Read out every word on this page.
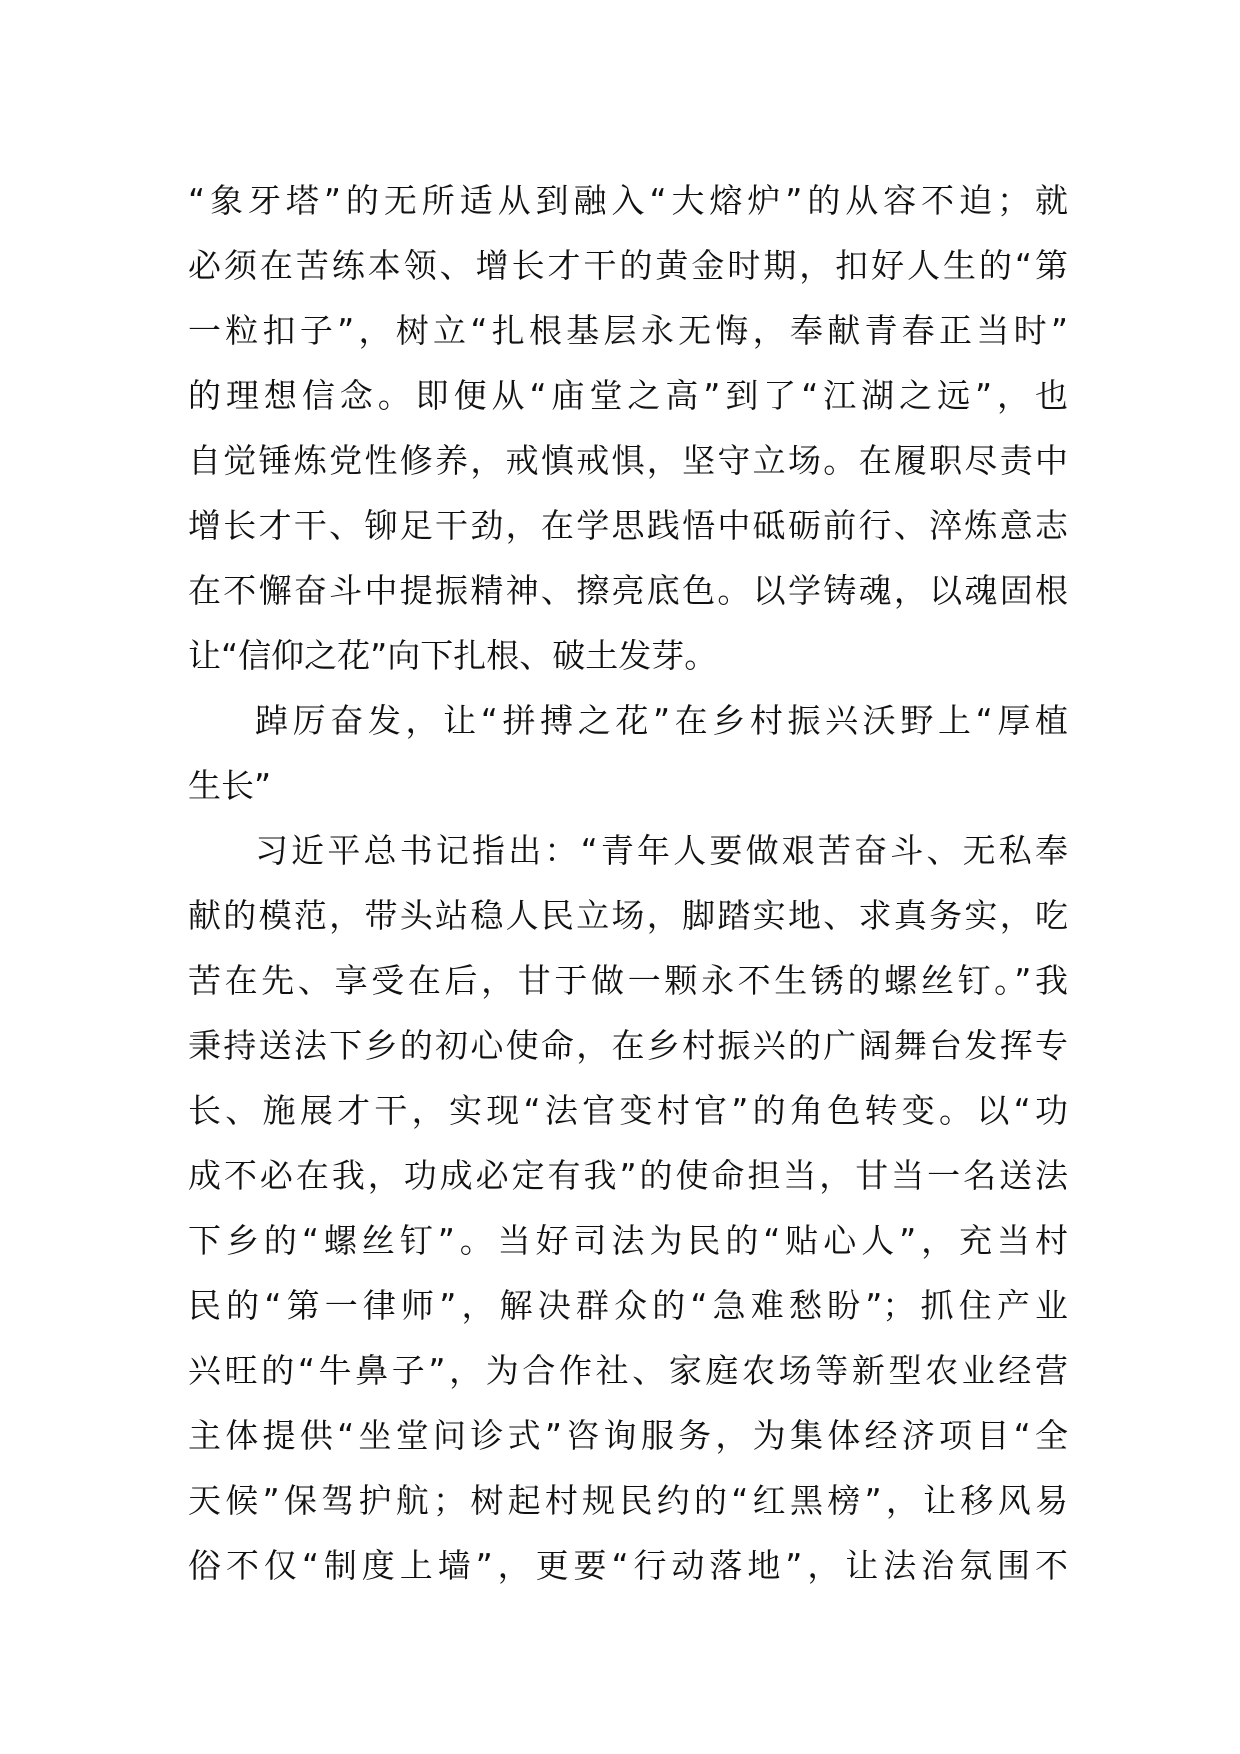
“象牙塔”的无所适从到融入“大熔炉”的从容不迫；就
必须在苦练本领、增长才干的黄金时期，扣好人生的“第
一粒扣子”，树立“扎根基层永无悔，奉献青春正当时”
的理想信念。即便从“庙堂之高”到了“江湖之远”，也
自觉锤炼党性修养，戒慎戒惧，坚守立场。在履职尽责中
增长才干、铆足干劲，在学思践悟中砥砺前行、淬炼意志
在不懈奋斗中提振精神、擦亮底色。以学铸魂，以魂固根
让“信仰之花”向下扎根、破土发芽。
踔厉奋发，让“拼搏之花”在乡村振兴沃野上“厚植
生长”
习近平总书记指出：“青年人要做艰苦奋斗、无私奉
献的模范，带头站稳人民立场，脚踏实地、求真务实，吃
苦在先、享受在后，甘于做一颗永不生锈的螺丝钉。”我
秉持送法下乡的初心使命，在乡村振兴的广阔舞台发挥专
长、施展才干，实现“法官变村官”的角色转变。以“功
成不必在我，功成必定有我”的使命担当，甘当一名送法
下乡的“螺丝钉”。当好司法为民的“贴心人”，充当村
民的“第一律师”，解决群众的“急难愁盼”；抓住产业
兴旺的“牛鼻子”，为合作社、家庭农场等新型农业经营
主体提供“坐堂问诊式”咨询服务，为集体经济项目“全
天候”保驾护航；树起村规民约的“红黑榜”，让移风易
俗不仅“制度上墙”，更要“行动落地”，让法治氛围不
